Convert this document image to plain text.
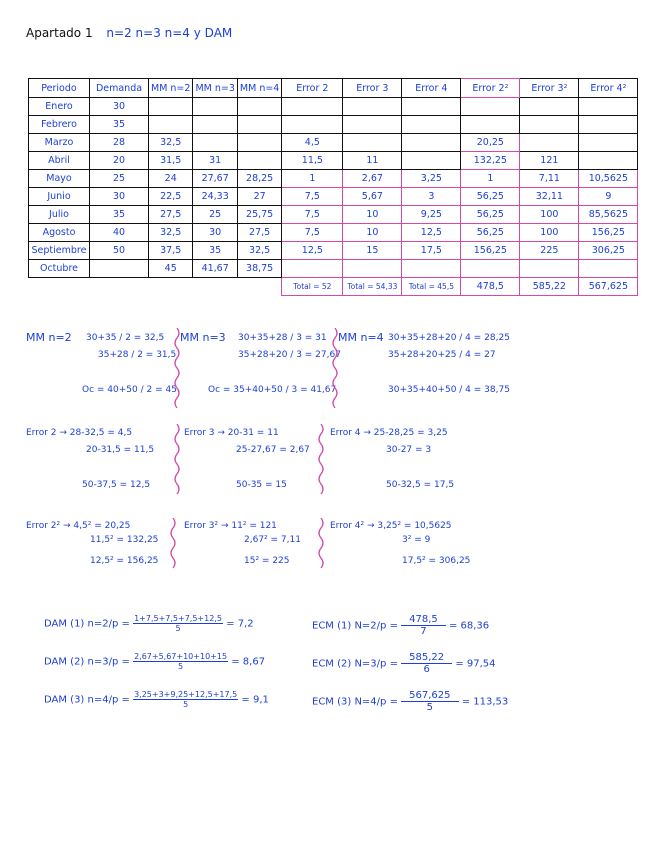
Apartado 1 n=2 n=3 n=4 y DAM
Periodo	Demanda	MM n=2	MM n=3	MM n=4	Error 2	Error 3	Error 4	Error 2²	Error 3²	Error 4²
Enero	30									
Febrero	35									
Marzo	28	32,5			4,5			20,25		
Abril	20	31,5	31		11,5	11		132,25	121	
Mayo	25	24	27,67	28,25	1	2,67	3,25	1	7,11	10,5625
Junio	30	22,5	24,33	27	7,5	5,67	3	56,25	32,11	9
Julio	35	27,5	25	25,75	7,5	10	9,25	56,25	100	85,5625
Agosto	40	32,5	30	27,5	7,5	10	12,5	56,25	100	156,25
Septiembre	50	37,5	35	32,5	12,5	15	17,5	156,25	225	306,25
Octubre		45	41,67	38,75						
					Total = 52	Total = 54,33	Total = 45,5	478,5	585,22	567,625
MM n=2	30+35 / 2 = 32,5
35+28 / 2 = 31,5
Oc = 40+50 / 2 = 45
MM n=3	30+35+28 / 3 = 31
35+28+20 / 3 = 27,67
Oc = 35+40+50 / 3 = 41,67
MM n=4 30+35+28+20 / 4 = 28,25
35+28+20+25 / 4 = 27
30+35+40+50 / 4 = 38,75
Error 2 → 28-32,5 = 4,5
20-31,5 = 11,5
50-37,5 = 12,5
Error 3 → 20-31 = 11
25-27,67 = 2,67
50-35 = 15
Error 4 → 25-28,25 = 3,25
30-27 = 3
50-32,5 = 17,5
Error 2² → 4,5² = 20,25
11,5² = 132,25
12,5² = 156,25
Error 3² → 11² = 121
2,67² = 7,11
15² = 225
Error 4² → 3,25² = 10,5625
3² = 9
17,5² = 306,25
DAM (1) $n=2/p = \frac{1+7,5+7,5+7,5+12,5}{5} = 7,2$
DAM (2) $n=3/p = \frac{2,67+5,67+10+10+15}{5} = 8,67$
DAM (3) $n=4/p = \frac{3,25+3+9,25+12,5+17,5}{5} = 9,1$
ECM (1) $N=2/p = \frac{478,5}{7} = 68,36$
ECM (2) $N=3/p = \frac{585,22}{6} = 97,54$
ECM (3) $N=4/p = \frac{567,625}{5} = 113,53$
